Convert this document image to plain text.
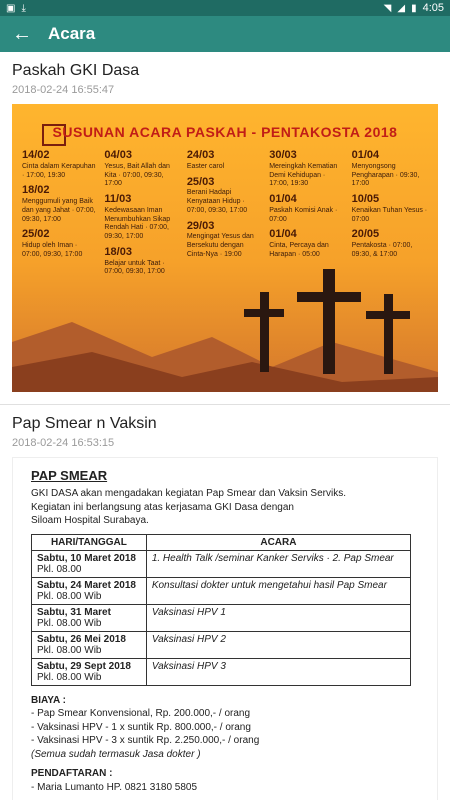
▣ ⤓	◥ ◢ ▮ 4:05
← Acara
Paskah GKI Dasa
2018-02-24 16:55:47
SUSUNAN ACARA PASKAH - PENTAKOSTA 2018
14/02
Cinta dalam Kerapuhan · 17:00, 19:30
18/02
Menggumuli yang Baik dan yang Jahat · 07:00, 09:30, 17:00
25/02
Hidup oleh Iman · 07:00, 09:30, 17:00
04/03
Yesus, Bait Allah dan Kita · 07:00, 09:30, 17:00
11/03
Kedewasaan Iman Menumbuhkan Sikap Rendah Hati · 07:00, 09:30, 17:00
18/03
Belajar untuk Taat · 07:00, 09:30, 17:00
24/03
Easter carol
25/03
Berani Hadapi Kenyataan Hidup · 07:00, 09:30, 17:00
29/03
Mengingat Yesus dan Bersekutu dengan Cinta-Nya · 19:00
30/03
Mereingkah Kematian Demi Kehidupan · 17:00, 19:30
01/04
Paskah Komisi Anak · 07:00
01/04
Cinta, Percaya dan Harapan · 05:00
01/04
Menyongsong Pengharapan · 09:30, 17:00
10/05
Kenaikan Tuhan Yesus · 07:00
20/05
Pentakosta · 07:00, 09:30, & 17:00
Pap Smear n Vaksin
2018-02-24 16:53:15
PAP SMEAR

GKI DASA akan mengadakan kegiatan Pap Smear dan Vaksin Serviks.

Kegiatan ini berlangsung atas kerjasama GKI Dasa dengan

Siloam Hospital Surabaya.

HARI/TANGGAL	ACARA

Sabtu, 10 Maret 2018
Pkl. 08.00	1. Health Talk /seminar Kanker Serviks · 2. Pap Smear

Sabtu, 24 Maret 2018
Pkl. 08.00 Wib	Konsultasi dokter untuk mengetahui hasil Pap Smear

Sabtu, 31 Maret
Pkl. 08.00 Wib	Vaksinasi HPV 1

Sabtu, 26 Mei 2018
Pkl. 08.00 Wib	Vaksinasi HPV 2

Sabtu, 29 Sept 2018
Pkl. 08.00 Wib	Vaksinasi HPV 3

BIAYA :

- Pap Smear Konvensional, Rp. 200.000,- / orang

- Vaksinasi HPV - 1 x suntik Rp. 800.000,- / orang

- Vaksinasi HPV - 3 x suntik Rp. 2.250.000,- / orang

(Semua sudah termasuk Jasa dokter )

PENDAFTARAN :

- Maria Lumanto HP. 0821 3180 5805
